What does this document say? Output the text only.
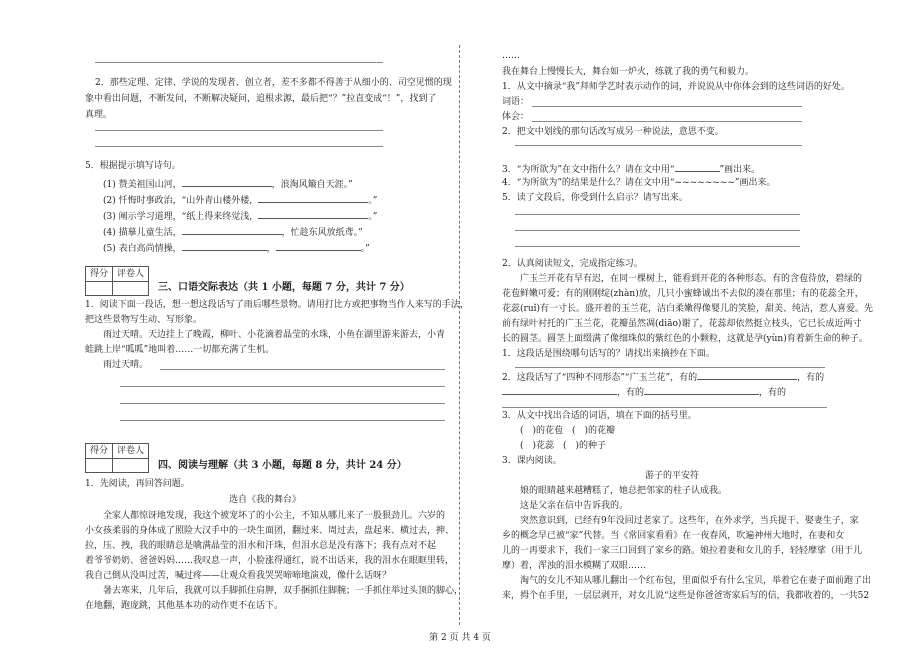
2．那些定理、定律、学说的发现者、创立者，差不多都不得善于从细小的、司空见惯的现
象中看出问题，不断发问，不断解决疑问，追根求源，最后把“？”拉直变成“！”，找到了
真理。
5．根据提示填写诗句。
(1) 赞美祖国山河，	，浪淘风簸自天涯。”
(2) 忏悔时事政治，“山外青山楼外楼，	。”
(3) 阐示学习道理，“纸上得来终觉浅，	。”
(4) 描摹儿童生活，	，忙趁东风放纸鸢。”
(5) 表白高尚情操，	，	。”
得分 评卷人
三、口语交际表达（共 1 小题，每题 7 分，共计 7 分）
1．阅读下面一段话，想一想这段话写了雨后哪些景物。请用打比方或把事物当作人来写的手法，
把这些景物写生动、写形象。
雨过天晴。天边挂上了晚霞，柳叶、小花滴着晶莹的水珠，小鱼在湖里游来游去，小青
蛙跳上岸“呱呱”地叫着……一切都充满了生机。
雨过天晴。
得分 评卷人
四、阅读与理解（共 3 小题，每题 8 分，共计 24 分）
1．先阅读，再回答问题。
选自《我的舞台》
全家人都惊讶地发现，我这个被宠坏了的小公主，不知从哪儿来了一股狠劲儿。六岁的
小女孩柔弱的身体成了照险大汉手中的一块生面团，翻过来、周过去，盘起来、横过去，抻、
拉，压、拽，我的眼睛总是噙满晶莹的泪水和汗珠，但泪水总是没有落下；我有点对不起
着爷爷奶奶、爸爸妈妈……我叹息一声，小脸涨得通红，说不出话来，我的泪水在眼眶里转，
我自己倒从没叫过苦，喊过疼——让观众看我哭哭啼啼地演戏，像什么话呀？
暑去寒来，几年后，我就可以手脚抓住肩胛，双手捆抓住脚腕；一手抓住举过头顶的脚心，
在地翻，跑庞跳，其他基本功的动作更不在话下。
……
我在舞台上慢慢长大，舞台如一炉火，练就了我的勇气和毅力。
1．从文中摘录“我”拜师学艺时表示动作的词，并说说从中你体会到的这些词语的好处。
词语：
体会：
2．把文中划线的那句话改写成另一种说法，意思不变。
3．“为所欲为”在文中指什么？请在文中用“	”画出来。
4．“为所欲为”的结果是什么？请在文中用“~~~~~~~~”画出来。
5．读了文段后，你受到什么启示？请写出来。
2．认真阅读短文，完成指定练习。
广玉兰开花有早有迟，在同一棵树上，能看到开花的各种形态。有的含苞待放，碧绿的
花苞鲜嫩可爱；有的刚刚绽(zhàn)放，几只小蜜蜂诚出不去似的凑在那里；有的花蕊全开，
花蕊(ruǐ)有一寸长。盛开着的玉兰花，洁白柔嫩得像婴儿的笑脸，甜美、纯洁，惹人喜爱。先
前有绿叶衬托的广玉兰花，花瓣虽然凋(diāo)谢了，花蕊却依然挺立枝头，它已长成近两寸
长的圆茎。圆茎上面缀满了像细珠似的紫红色的小颗粒，这就是孕(yùn)育着新生命的种子。
1．这段话是围绕哪句话写的？请找出来摘抄在下面。
2．这段话写了“四种不同形态”“广玉兰花”，有的	，有的
，有的	，有的
3．从文中找出合适的词语，填在下面的括号里。
(　)的花苞　(　)的花瓣
(　)花蕊　(　)的种子
3．课内阅读。
游子的平安符
娘的眼睛越来越糟糕了，她总把邻家的柱子认成我。
这是父亲在信中告诉我的。
突然意识到，已经有9年没回过老家了。这些年，在外求学，当兵提干、娶妻生子，家
乡的概念早已被“家”代替。当《常回家看看》在一夜春风，吹遍神州大地时，在妻和女
儿的一再要求下，我们一家三口回到了家乡的路。娘拉着妻和女儿的手，轻轻摩挲（用于儿
摩）着，浑浊的泪水模糊了双眼……
淘气的女儿不知从哪儿翻出一个红布包，里面似乎有什么宝贝，举着它在妻子面前跑了出
来，拇个在手里，一层层剥开，对女儿说“这些是你爸爸寄家后写的信，我都收着的，一共52
第 2 页 共 4 页
